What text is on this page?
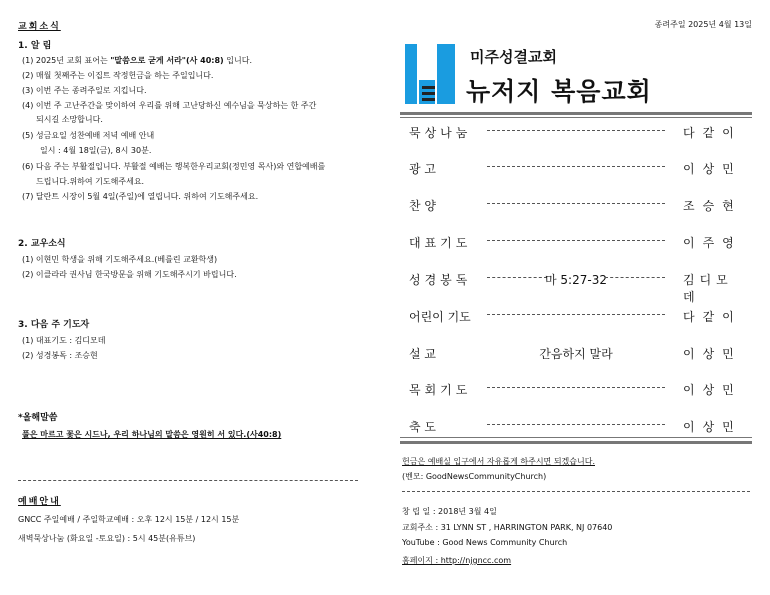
교회소식
1. 알 림
(1) 2025년 교회 표어는 "말씀으로 굳게 서라"(사 40:8) 입니다.
(2) 매월 첫째주는 이집트 작정헌금을 하는 주일입니다.
(3) 이번 주는 종려주일로 지킵니다.
(4) 이번 주 고난주간을 맞이하여 우리를 위해 고난당하신 예수님을 묵상하는 한 주간
되시길 소망합니다.
(5) 성금요일 성찬예배 저녁 예배 안내
일시 : 4월 18일(금), 8시 30분.
(6) 다음 주는 부활절입니다. 부활절 예배는 행복한우리교회(정민영 목사)와 연합예배를
드립니다.위하여 기도해주세요.
(7) 달란트 시장이 5월 4일(주일)에 열립니다. 위하여 기도해주세요.
2. 교우소식
(1) 이현민 학생을 위해 기도해주세요.(베를린 교환학생)
(2) 이클라라 권사님 한국방문을 위해 기도해주시기 바립니다.
3. 다음 주 기도자
(1) 대표기도 : 김디모데
(2) 성경봉독 : 조승현
*올해말씀
풀은 마르고 꽃은 시드나, 우리 하나님의 말씀은 영원히 서 있다.(사40:8)
예배안내
GNCC 주일예배 / 주일학교예배 : 오후 12시 15분 / 12시 15분
새벽묵상나눔 (화요일 -토요일) : 5시 45분(유튜브)
종려주일 2025년 4월 13일
미주성결교회
뉴저지 복음교회
묵상나눔	다같이
광 고	이상민
찬 양	조승현
대표기도	이주영
성경봉독	마 5:27-32	김디모데
어린이 기도	다같이
설 교	간음하지 말라	이상민
목회기도	이상민
축 도	이상민
헌금은 예배실 입구에서 자유롭게 하주시면 되겠습니다.
(벤모: GoodNewsCommunityChurch)
창 립 일 : 2018년 3월 4일
교회주소 : 31 LYNN ST , HARRINGTON PARK, NJ 07640
YouTube : Good News Community Church
홈페이지 : http://njgncc.com
